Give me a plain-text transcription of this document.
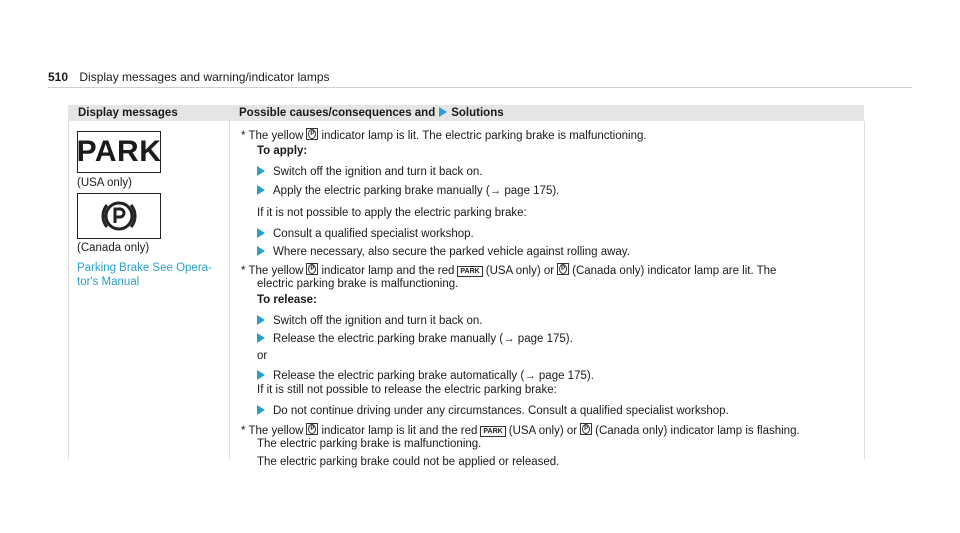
510 Display messages and warning/indicator lamps
Display messages	Possible causes/consequences and Solutions
PARK
(USA only)
(Canada only)
Parking Brake See Opera-
tor's Manual
* The yellow P indicator lamp is lit. The electric parking brake is malfunctioning.
To apply:
Switch off the ignition and turn it back on.
Apply the electric parking brake manually (→ page 175).
If it is not possible to apply the electric parking brake:
Consult a qualified specialist workshop.
Where necessary, also secure the parked vehicle against rolling away.
* The yellow P indicator lamp and the red PARK (USA only) or P (Canada only) indicator lamp are lit. The
electric parking brake is malfunctioning.
To release:
Switch off the ignition and turn it back on.
Release the electric parking brake manually (→ page 175).
or
Release the electric parking brake automatically (→ page 175).
If it is still not possible to release the electric parking brake:
Do not continue driving under any circumstances. Consult a qualified specialist workshop.
* The yellow P indicator lamp is lit and the red PARK (USA only) or P (Canada only) indicator lamp is flashing.
The electric parking brake is malfunctioning.
The electric parking brake could not be applied or released.
